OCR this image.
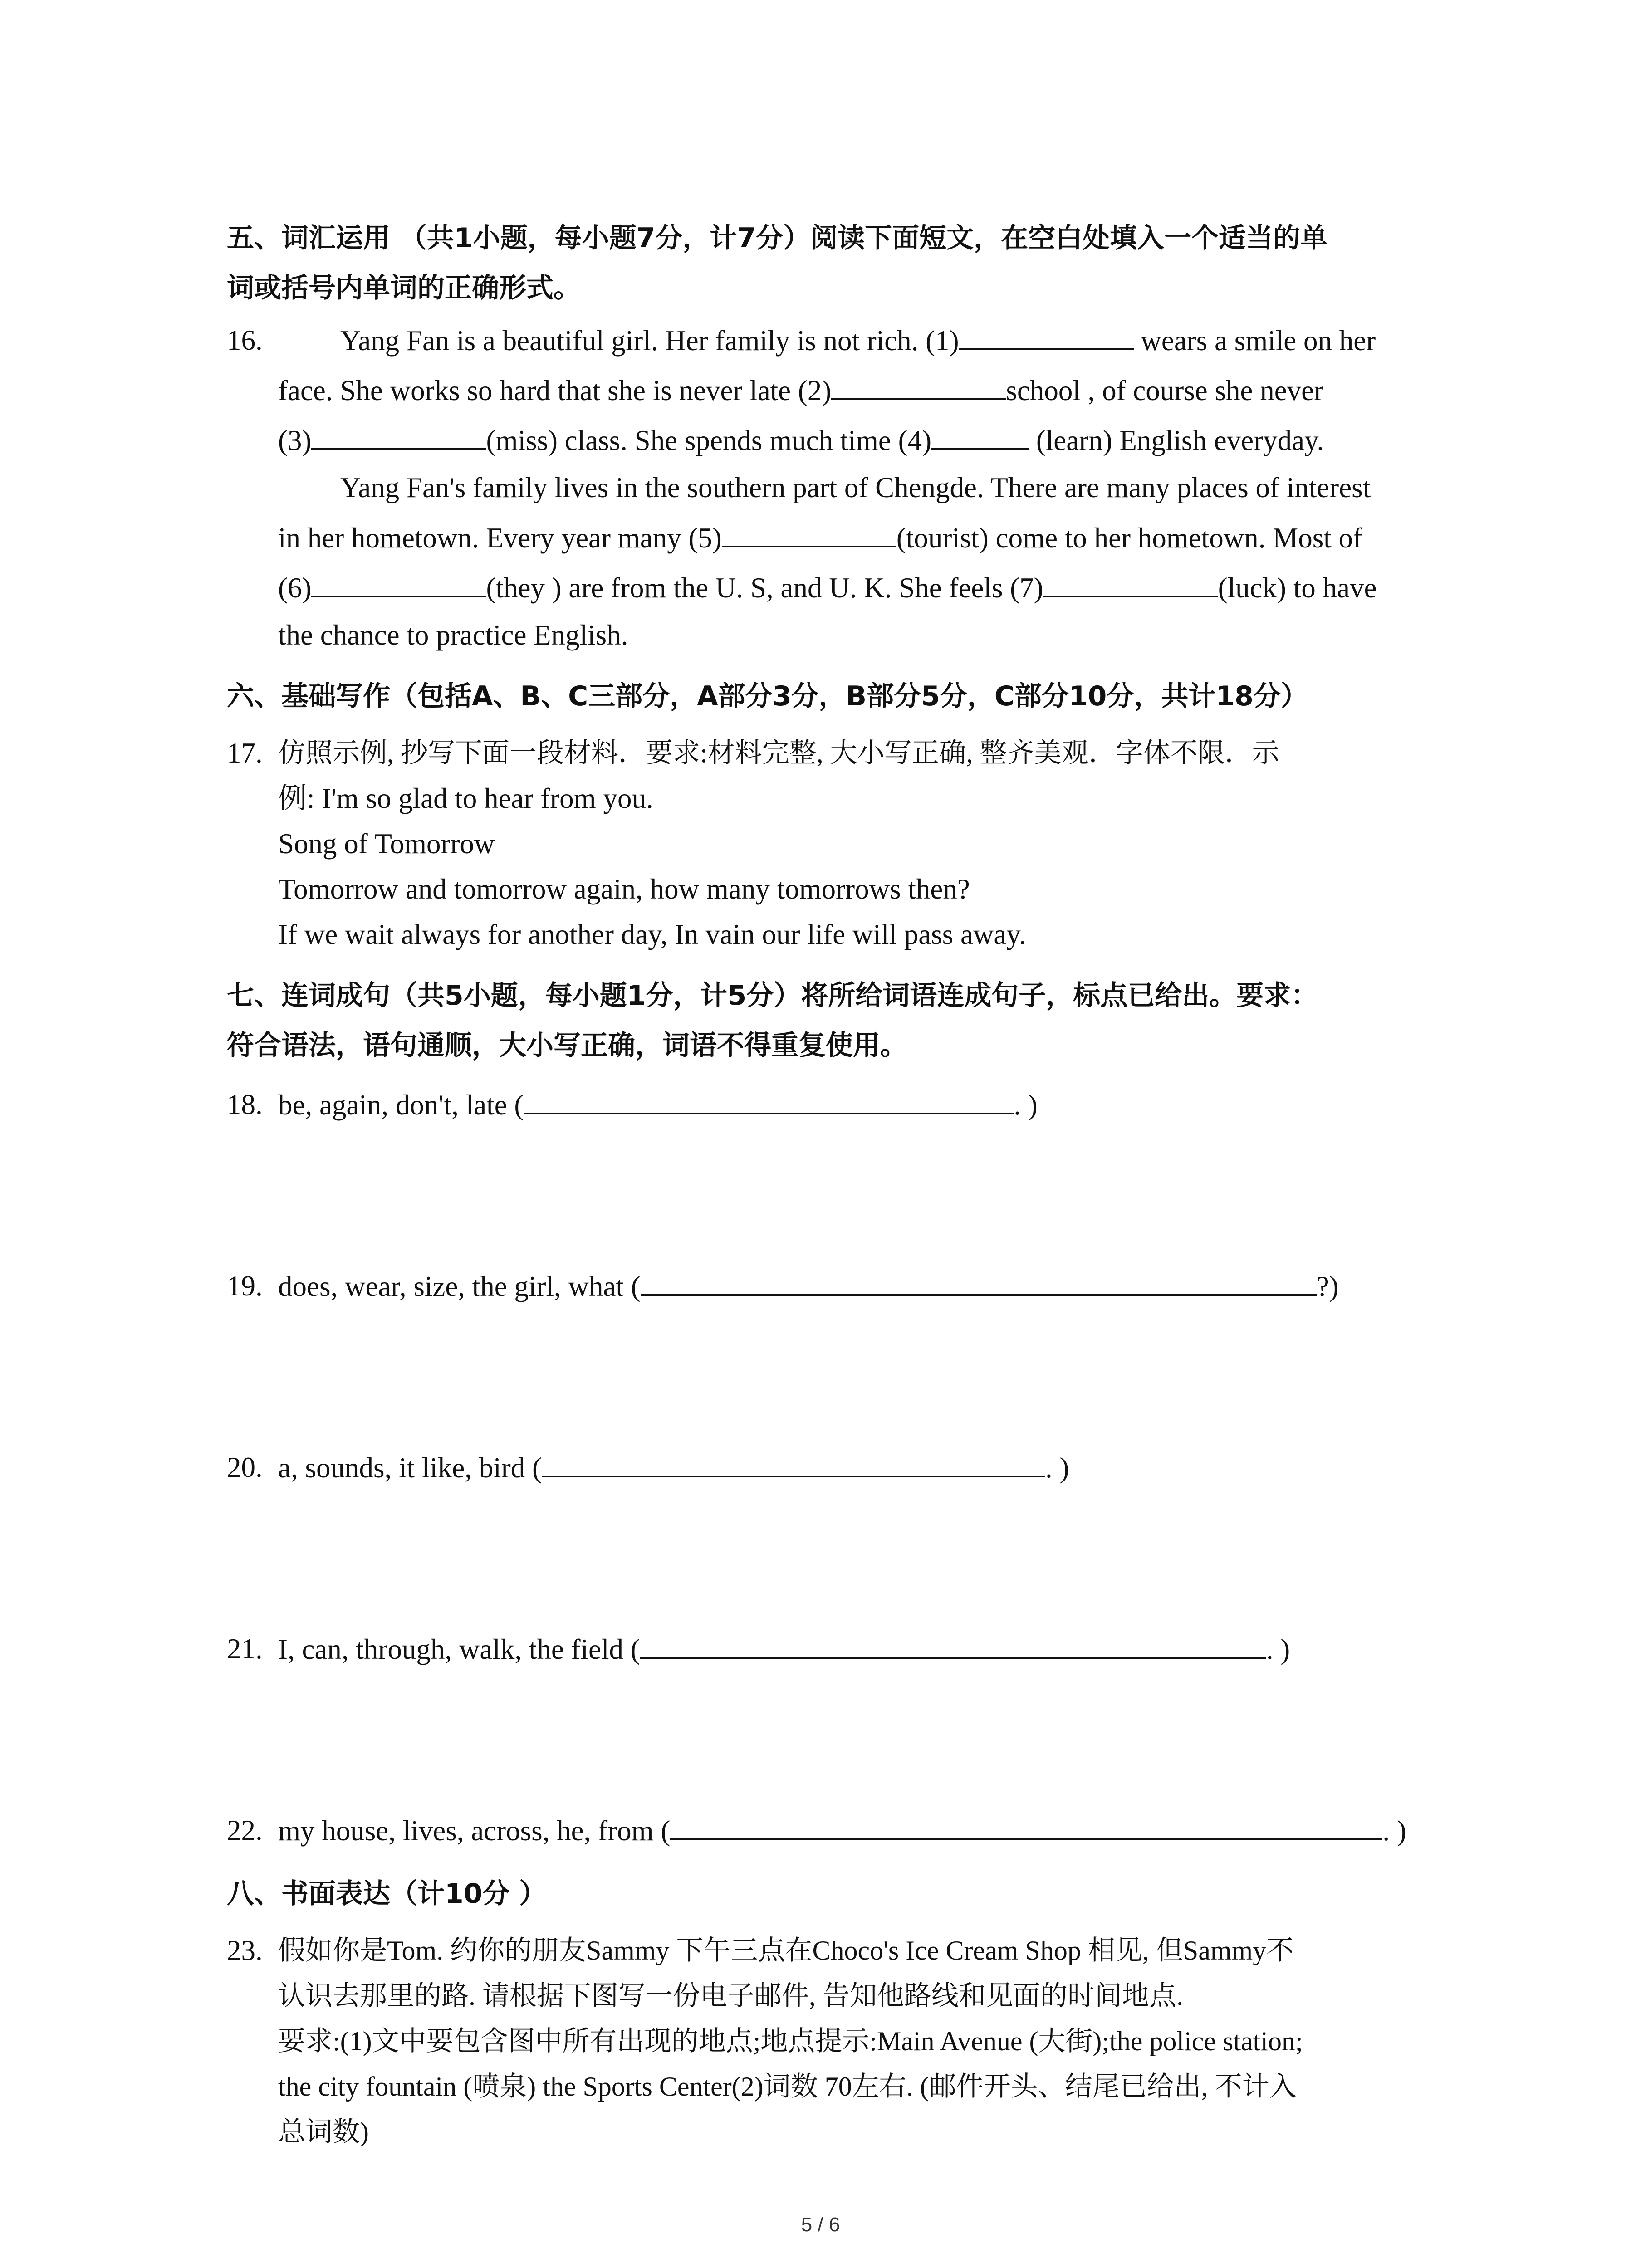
五、词汇运用 （共1小题，每小题7分，计7分）阅读下面短文，在空白处填入一个适当的单
词或括号内单词的正确形式。
16.	Yang Fan is a beautiful girl. Her family is not rich. (1)	wears a smile on her
face. She works so hard that she is never late (2)	school , of course she never
(3)	(miss) class. She spends much time (4)	(learn) English everyday.
Yang Fan's family lives in the southern part of Chengde. There are many places of interest
in her hometown. Every year many (5)	(tourist) come to her hometown. Most of
(6)	(they ) are from the U. S, and U. K. She feels (7)	(luck) to have
the chance to practice English.
六、基础写作（包括A、B、C三部分，A部分3分，B部分5分，C部分10分，共计18分）
17. 仿照示例, 抄写下面一段材料．要求:材料完整, 大小写正确, 整齐美观．字体不限．示
例: I'm so glad to hear from you.
Song of Tomorrow
Tomorrow and tomorrow again, how many tomorrows then?
If we wait always for another day, In vain our life will pass away.
七、连词成句（共5小题，每小题1分，计5分）将所给词语连成句子，标点已给出。要求：
符合语法，语句通顺，大小写正确，词语不得重复使用。
18. be, again, don't, late (	. )
19. does, wear, size, the girl, what (	?)
20. a, sounds, it like, bird (	. )
21. I, can, through, walk, the field (	. )
22. my house, lives, across, he, from (	. )
八、书面表达（计10分 ）
23. 假如你是Tom. 约你的朋友Sammy 下午三点在Choco's Ice Cream Shop 相见, 但Sammy不
认识去那里的路. 请根据下图写一份电子邮件, 告知他路线和见面的时间地点.
要求:(1)文中要包含图中所有出现的地点;地点提示:Main Avenue (大街);the police station;
the city fountain (喷泉) the Sports Center(2)词数 70左右. (邮件开头、结尾已给出, 不计入
总词数)
5 / 6
